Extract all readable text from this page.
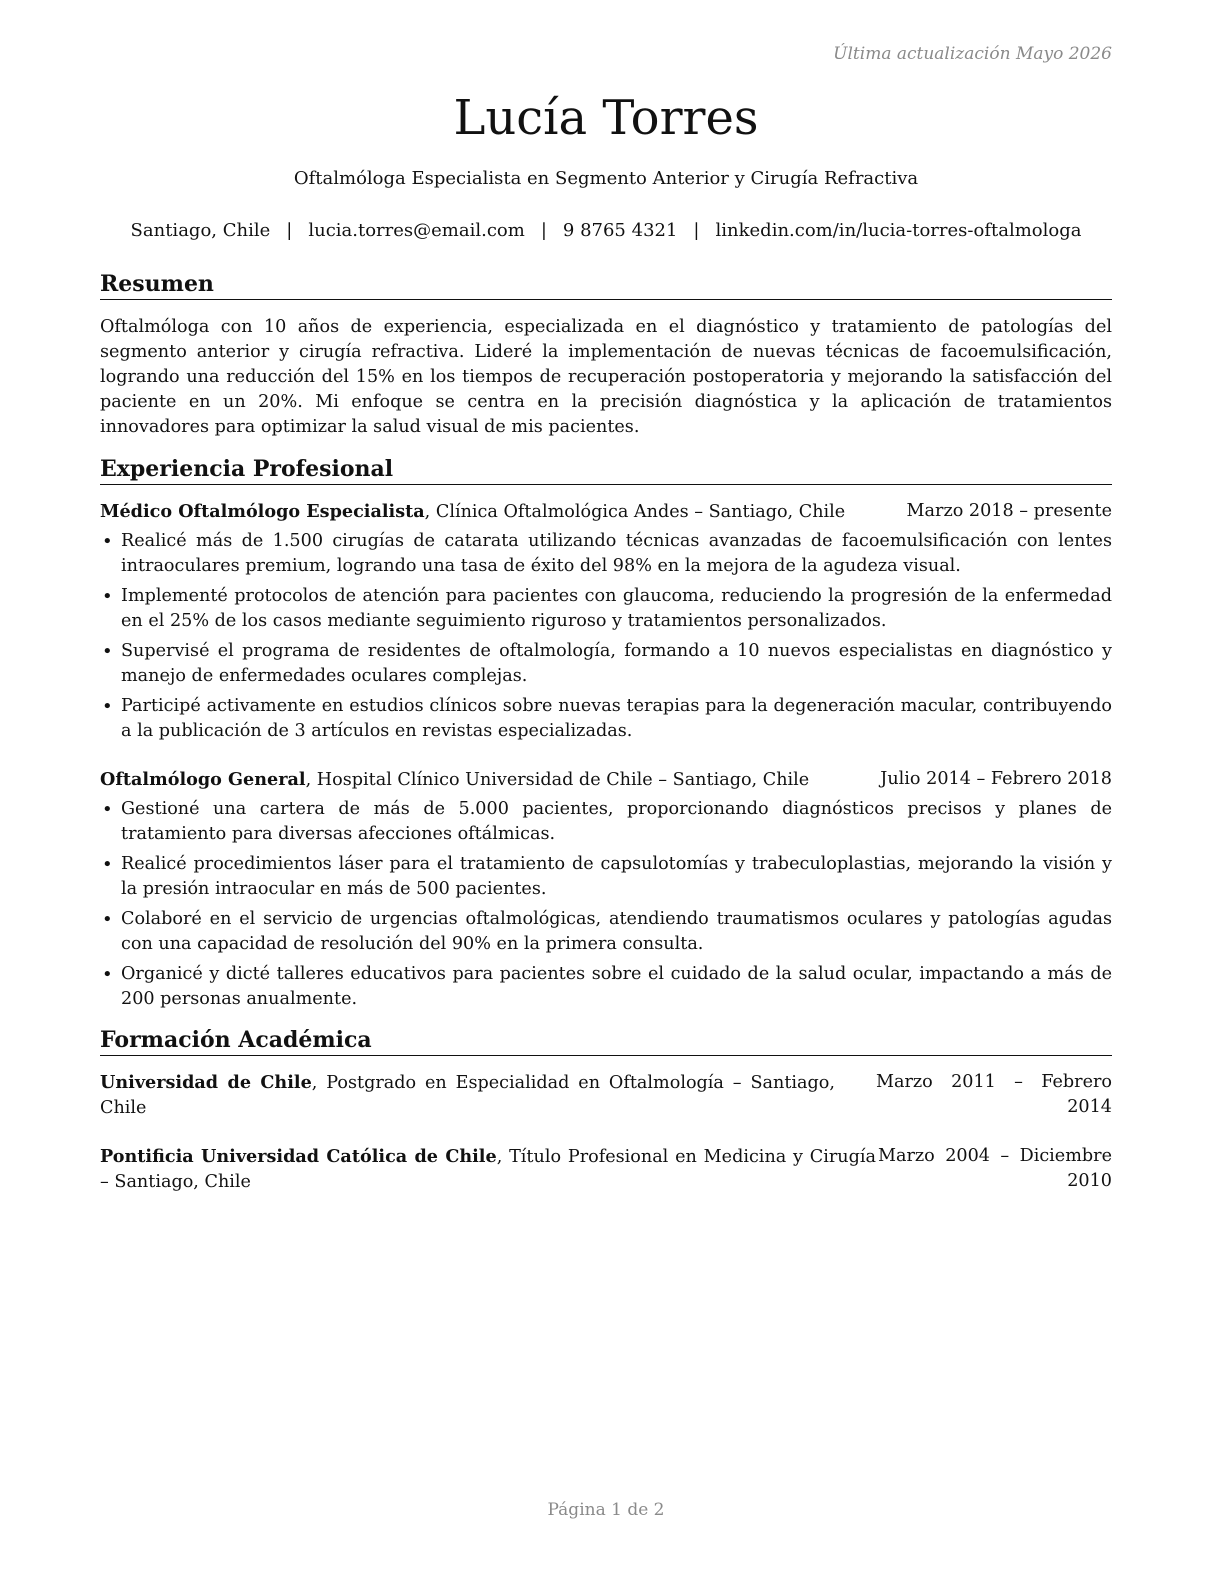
Última actualización Mayo 2026
Lucía Torres
Oftalmóloga Especialista en Segmento Anterior y Cirugía Refractiva
Santiago, Chile | lucia.torres@email.com | 9 8765 4321 | linkedin.com/in/lucia-torres-oftalmologa
Resumen
Oftalmóloga con 10 años de experiencia, especializada en el diagnóstico y tratamiento de patologías del segmento anterior y cirugía refractiva. Lideré la implementación de nuevas técnicas de facoemulsificación, logrando una reducción del 15% en los tiempos de recuperación postoperatoria y mejorando la satisfacción del paciente en un 20%. Mi enfoque se centra en la precisión diagnóstica y la aplicación de tratamientos innovadores para optimizar la salud visual de mis pacientes.
Experiencia Profesional
Médico Oftalmólogo Especialista, Clínica Oftalmológica Andes – Santiago, Chile	Marzo 2018 – presente
• Realicé más de 1.500 cirugías de catarata utilizando técnicas avanzadas de facoemulsificación con lentes intraoculares premium, logrando una tasa de éxito del 98% en la mejora de la agudeza visual.
• Implementé protocolos de atención para pacientes con glaucoma, reduciendo la progresión de la enfermedad en el 25% de los casos mediante seguimiento riguroso y tratamientos personalizados.
• Supervisé el programa de residentes de oftalmología, formando a 10 nuevos especialistas en diagnóstico y manejo de enfermedades oculares complejas.
• Participé activamente en estudios clínicos sobre nuevas terapias para la degeneración macular, contribuyendo a la publicación de 3 artículos en revistas especializadas.
Oftalmólogo General, Hospital Clínico Universidad de Chile – Santiago, Chile	Julio 2014 – Febrero 2018
• Gestioné una cartera de más de 5.000 pacientes, proporcionando diagnósticos precisos y planes de tratamiento para diversas afecciones oftálmicas.
• Realicé procedimientos láser para el tratamiento de capsulotomías y trabeculoplastias, mejorando la visión y la presión intraocular en más de 500 pacientes.
• Colaboré en el servicio de urgencias oftalmológicas, atendiendo traumatismos oculares y patologías agudas con una capacidad de resolución del 90% en la primera consulta.
• Organicé y dicté talleres educativos para pacientes sobre el cuidado de la salud ocular, impactando a más de 200 personas anualmente.
Formación Académica
Universidad de Chile, Postgrado en Especialidad en Oftalmología – Santiago, Chile
Marzo 2011 – Febrero 2014
Pontificia Universidad Católica de Chile, Título Profesional en Medicina y Cirugía – Santiago, Chile
Marzo 2004 – Diciembre 2010
Página 1 de 2
